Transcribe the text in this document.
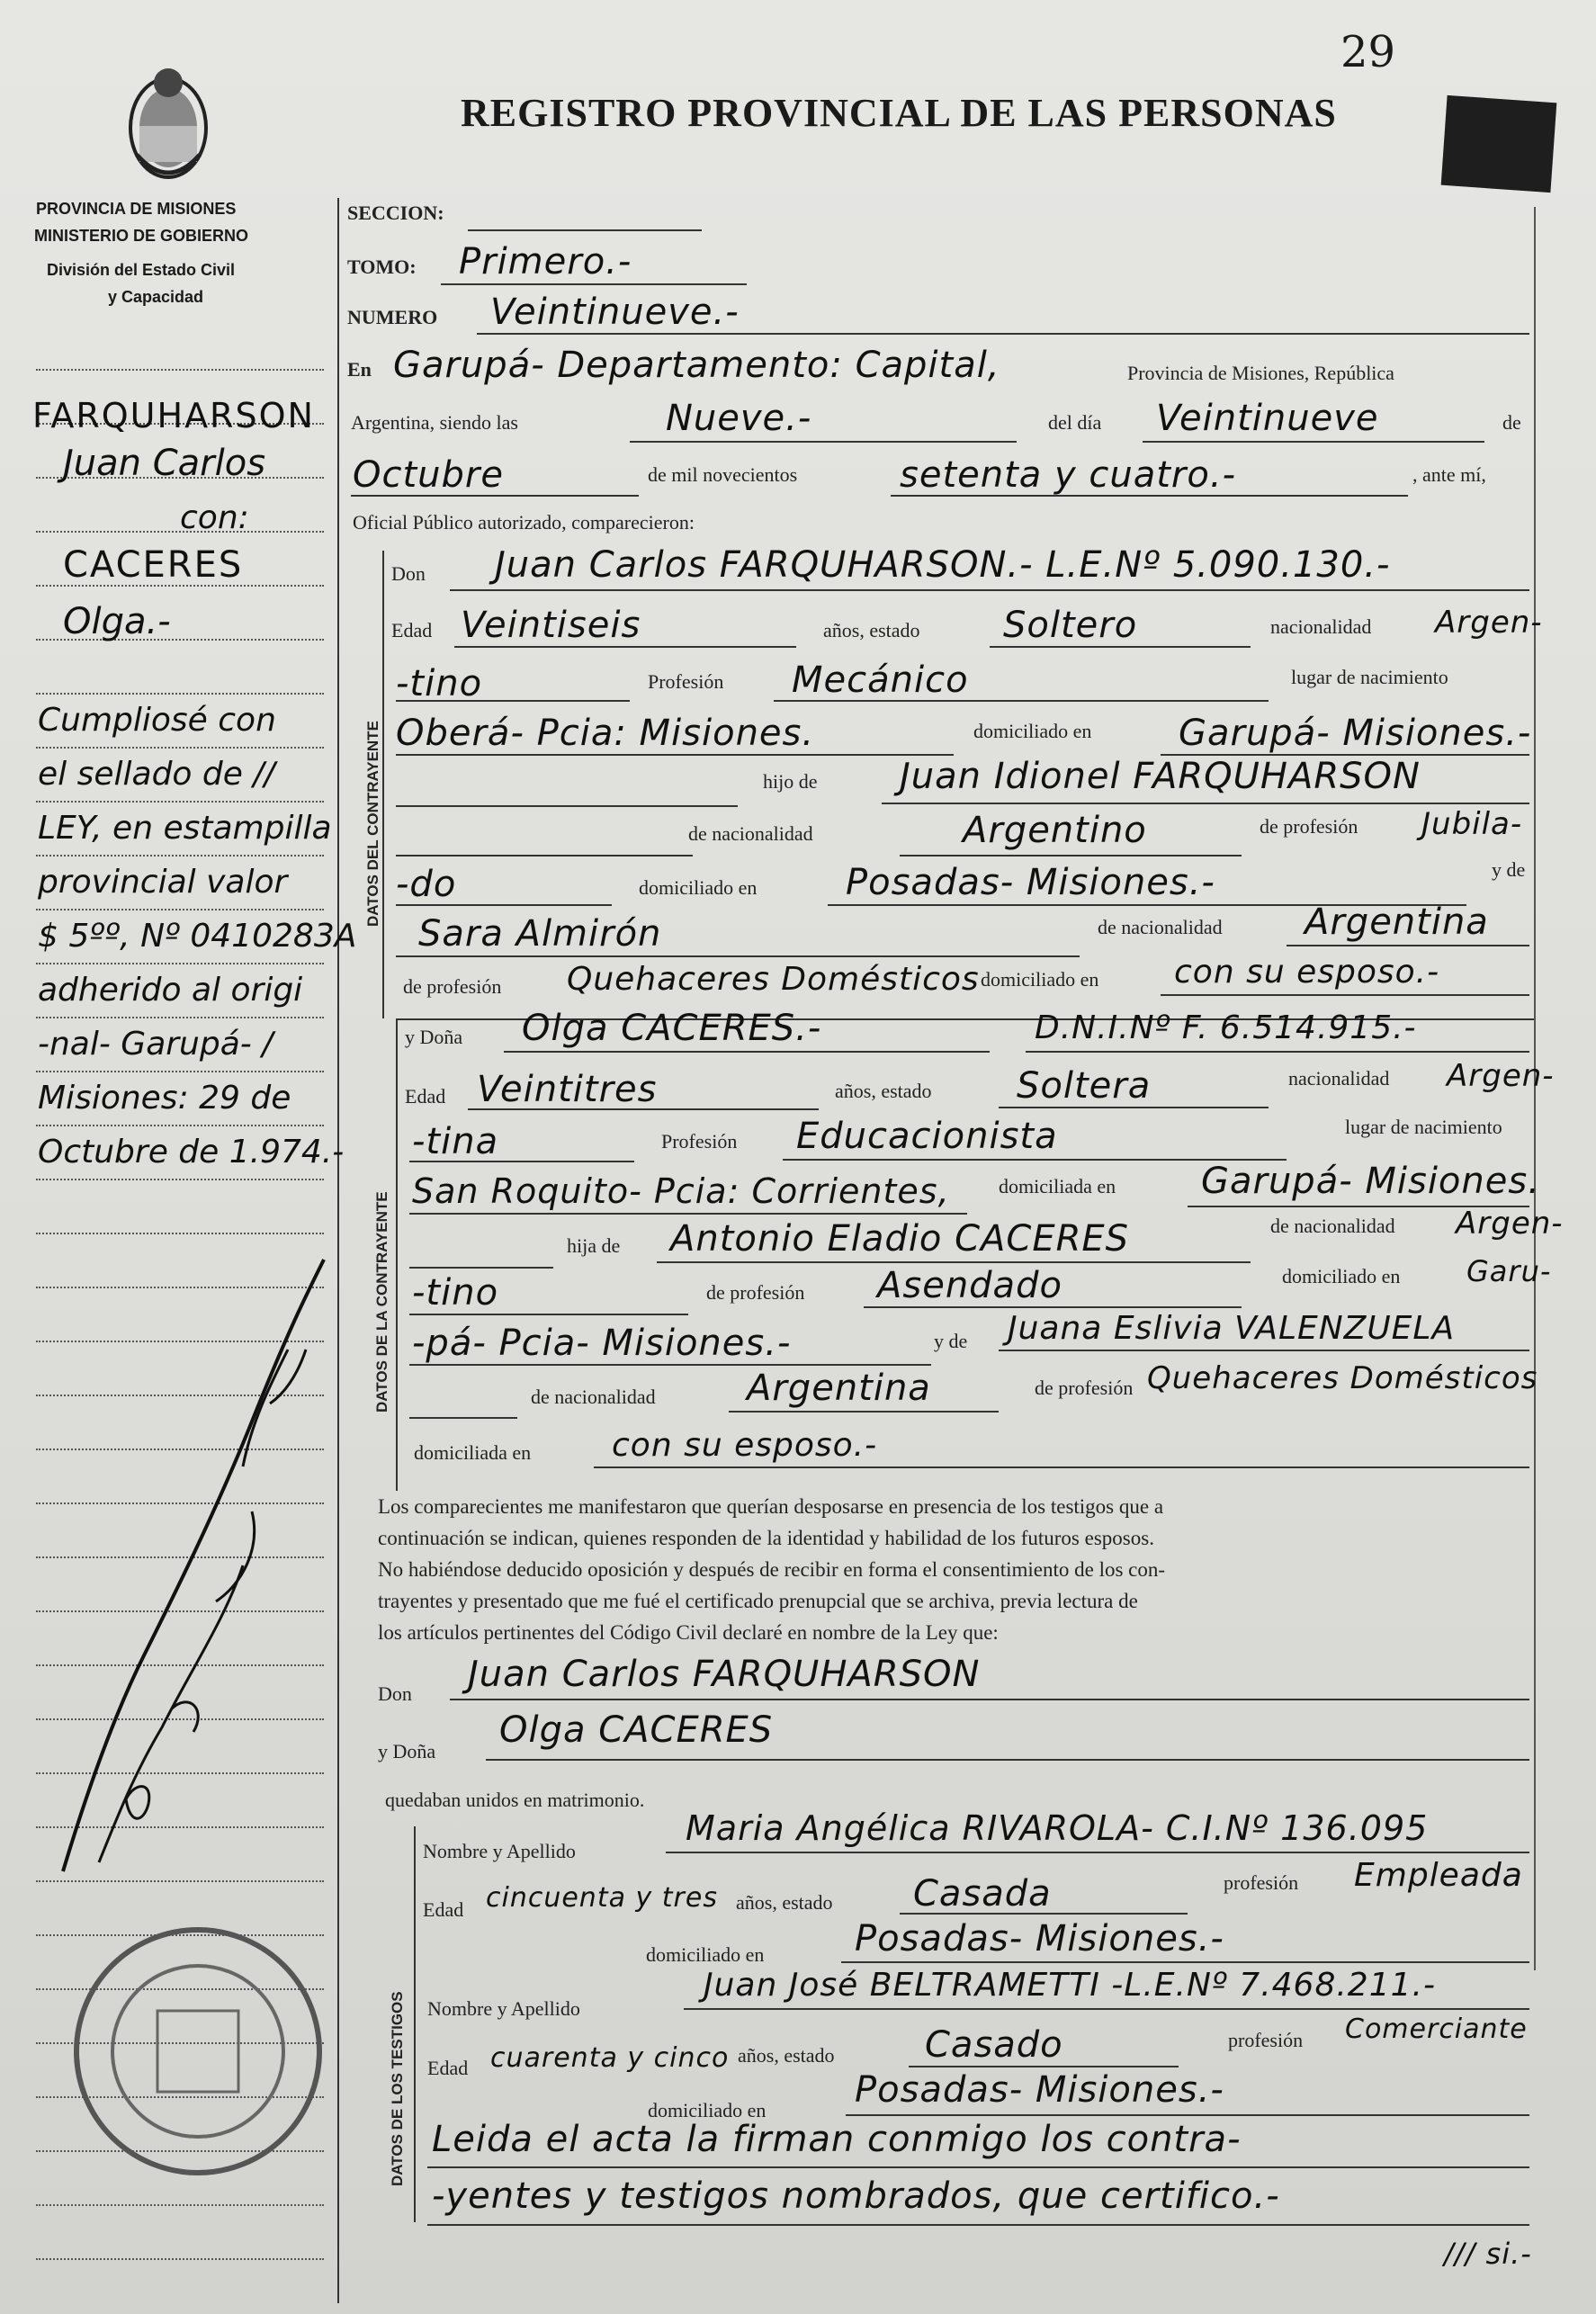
PROVINCIA DE MISIONES
MINISTERIO DE GOBIERNO
División del Estado Civil
y Capacidad
REGISTRO PROVINCIAL DE LAS PERSONAS
29
FARQUHARSON
Juan Carlos
con:
CACERES
Olga.-
Cumpliosé con
el sellado de //
LEY, en estampilla
provincial valor
$ 5ºº, Nº 0410283A
adherido al origi
-nal- Garupá- /
Misiones: 29 de
Octubre de 1.974.-
SECCION:
TOMO: Primero.-
NUMERO Veintinueve.-
En Garupá- Departamento: Capital,	Provincia de Misiones, República
Argentina, siendo las	Nueve.-	del día Veintinueve	de
Octubre	de mil novecientos	setenta y cuatro.-	, ante mí,
Oficial Público autorizado, comparecieron:
DATOS DEL CONTRAYENTE
Don Juan Carlos FARQUHARSON.- L.E.Nº 5.090.130.-
Edad Veintiseis	años, estado Soltero	nacionalidad Argen-
-tino	Profesión Mecánico	lugar de nacimiento
Oberá- Pcia: Misiones.	domiciliado en Garupá- Misiones.-
hijo de Juan Idionel FARQUHARSON
de nacionalidad	Argentino	de profesión Jubila-
-do	domiciliado en Posadas- Misiones.-	y de
Sara Almirón	de nacionalidad Argentina
de profesión Quehaceres Domésticos domiciliado en con su esposo.-
DATOS DE LA CONTRAYENTE
y Doña Olga CACERES.-	D.N.I.Nº F. 6.514.915.-
Edad Veintitres	años, estado Soltera	nacionalidad Argen-
-tina	Profesión Educacionista	lugar de nacimiento
San Roquito- Pcia: Corrientes, domiciliada en Garupá- Misiones.
hija de Antonio Eladio CACERES	de nacionalidad Argen-
-tino	de profesión Asendado	domiciliado en Garu-
-pá- Pcia- Misiones.-	y de Juana Eslivia VALENZUELA
de nacionalidad	Argentina	de profesión Quehaceres Domésticos
domiciliada en con su esposo.-
Los comparecientes me manifestaron que querían desposarse en presencia de los testigos que a
continuación se indican, quienes responden de la identidad y habilidad de los futuros esposos.
No habiéndose deducido oposición y después de recibir en forma el consentimiento de los con-
trayentes y presentado que me fué el certificado prenupcial que se archiva, previa lectura de
los artículos pertinentes del Código Civil declaré en nombre de la Ley que:
Don Juan Carlos FARQUHARSON
y Doña
Olga CACERES
quedaban unidos en matrimonio.
DATOS DE LOS TESTIGOS
Nombre y Apellido
Maria Angélica RIVAROLA- C.I.Nº 136.095
Edad cincuenta y tres años, estado Casada	profesión Empleada
domiciliado en	Posadas- Misiones.-
Nombre y Apellido
Juan José BELTRAMETTI -L.E.Nº 7.468.211.-
Edad cuarenta y cinco años, estado	Casado	profesión Comerciante
domiciliado en Posadas- Misiones.-
Leida el acta la firman conmigo los contra-
-yentes y testigos nombrados, que certifico.-
/// si.-
